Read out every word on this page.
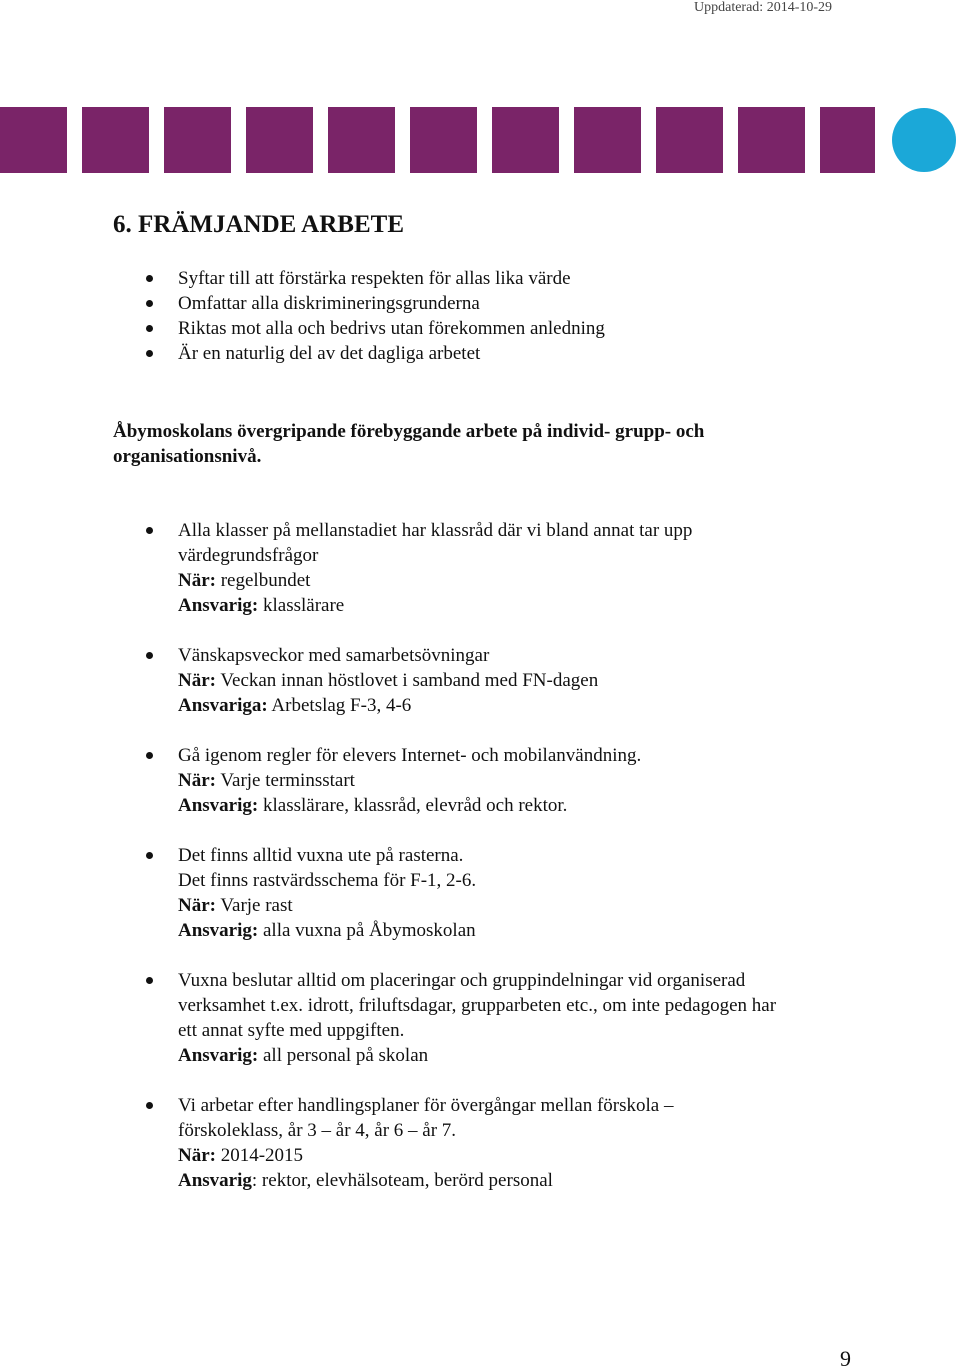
Uppdaterad: 2014-10-29
6. FRÄMJANDE ARBETE
Syftar till att förstärka respekten för allas lika värde
Omfattar alla diskrimineringsgrunderna
Riktas mot alla och bedrivs utan förekommen anledning
Är en naturlig del av det dagliga arbetet
Åbymoskolans övergripande förebyggande arbete på individ- grupp- och organisationsnivå.
Alla klasser på mellanstadiet har klassråd där vi bland annat tar upp
värdegrundsfrågor
När: regelbundet
Ansvarig: klasslärare
Vänskapsveckor med samarbetsövningar
När: Veckan innan höstlovet i samband med FN-dagen
Ansvariga: Arbetslag F-3, 4-6
Gå igenom regler för elevers Internet- och mobilanvändning.
När: Varje terminsstart
Ansvarig: klasslärare, klassråd, elevråd och rektor.
Det finns alltid vuxna ute på rasterna.
Det finns rastvärdsschema för F-1, 2-6.
När: Varje rast
Ansvarig: alla vuxna på Åbymoskolan
Vuxna beslutar alltid om placeringar och gruppindelningar vid organiserad
verksamhet t.ex. idrott, friluftsdagar, grupparbeten etc., om inte pedagogen har
ett annat syfte med uppgiften.
Ansvarig: all personal på skolan
Vi arbetar efter handlingsplaner för övergångar mellan förskola –
förskoleklass, år 3 – år 4, år 6 – år 7.
När: 2014-2015
Ansvarig: rektor, elevhälsoteam, berörd personal
9
